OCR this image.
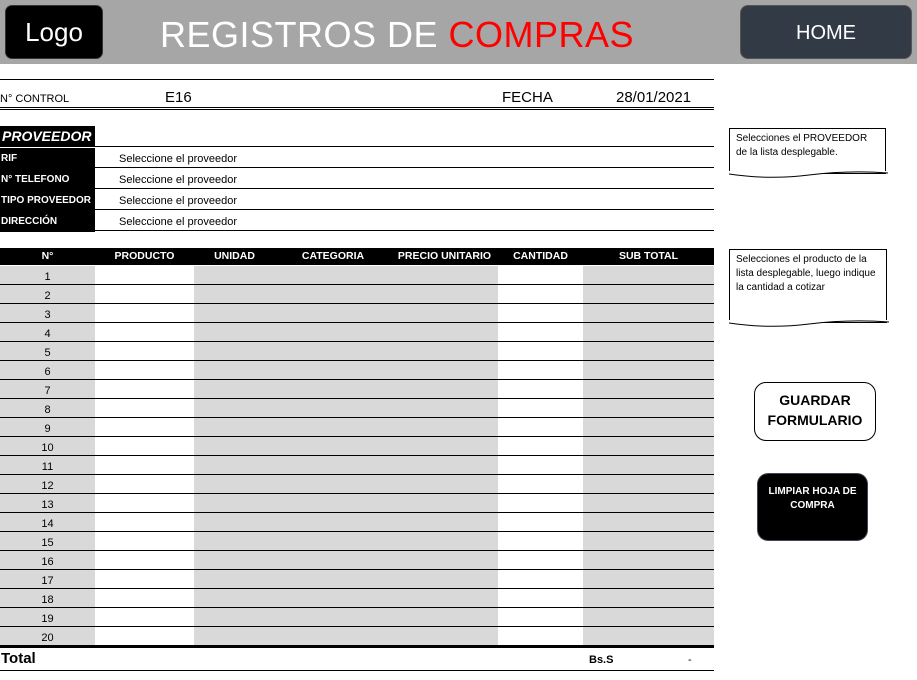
Logo	REGISTROS DE COMPRAS	HOME
N° CONTROL	E16	FECHA	28/01/2021
PROVEEDOR
RIF	Seleccione el proveedor
N° TELEFONO	Seleccione el proveedor
TIPO PROVEEDOR	Seleccione el proveedor
DIRECCIÓN	Seleccione el proveedor
N°	PRODUCTO	UNIDAD	CATEGORIA	PRECIO UNITARIO	CANTIDAD	SUB TOTAL
1
2
3
4
5
6
7
8
9
10
11
12
13
14
15
16
17
18
19
20
Total	Bs.S	-
Selecciones el PROVEEDOR de la lista desplegable.
Selecciones el producto de la lista desplegable, luego indique la cantidad a cotizar
GUARDAR FORMULARIO
LIMPIAR HOJA DE COMPRA
